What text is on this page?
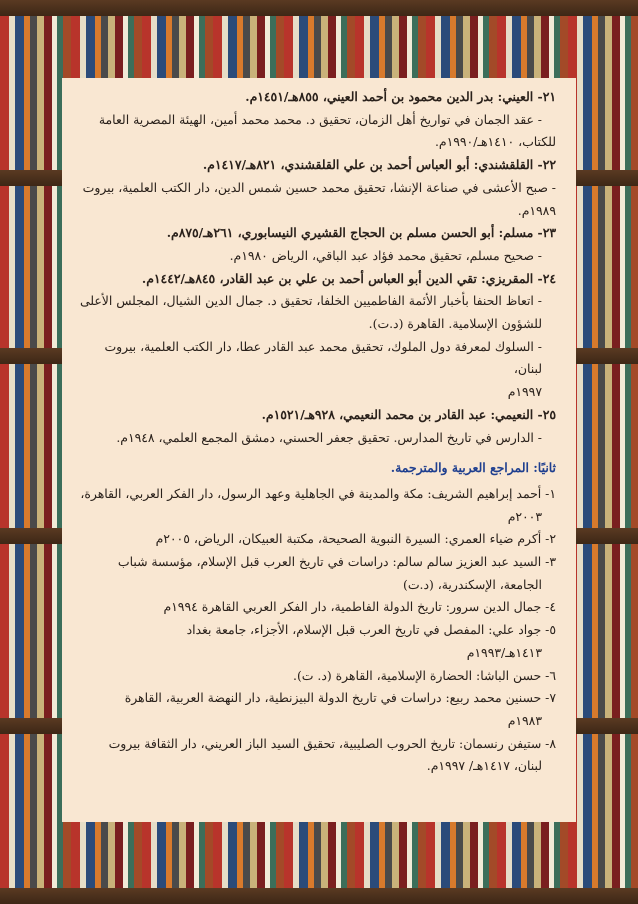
٢١- العيني: بدر الدين محمود بن أحمد العيني، ٨٥٥هـ/١٤٥١م.

- عقد الجمان في تواريخ أهل الزمان، تحقيق د. محمد محمد أمين، الهيئة المصرية العامة

للكتاب، ١٤١٠هـ/١٩٩٠م.

٢٢- القلقشندي: أبو العباس أحمد بن علي القلقشندي، ٨٢١هـ/١٤١٧م.

- صبح الأعشى في صناعة الإنشا، تحقيق محمد حسين شمس الدين، دار الكتب العلمية، بيروت

١٩٨٩م.

٢٣- مسلم: أبو الحسن مسلم بن الحجاج القشيري النيسابوري، ٢٦١هـ/٨٧٥م.

- صحيح مسلم، تحقيق محمد فؤاد عبد الباقي، الرياض ١٩٨٠م.

٢٤- المقريزي: تقي الدين أبو العباس أحمد بن علي بن عبد القادر، ٨٤٥هـ/١٤٤٢م.

- اتعاظ الحنفا بأخبار الأئمة الفاطميين الخلفا، تحقيق د. جمال الدين الشيال، المجلس الأعلى

للشؤون الإسلامية. القاهرة (د.ت).

- السلوك لمعرفة دول الملوك، تحقيق محمد عبد القادر عطا، دار الكتب العلمية، بيروت لبنان،

١٩٩٧م

٢٥- النعيمي: عبد القادر بن محمد النعيمي، ٩٢٨هـ/١٥٢١م.

- الدارس في تاريخ المدارس. تحقيق جعفر الحسني، دمشق المجمع العلمي، ١٩٤٨م.

ثانيًا: المراجع العربية والمترجمة.

١- أحمد إبراهيم الشريف: مكة والمدينة في الجاهلية وعهد الرسول، دار الفكر العربي، القاهرة،

٢٠٠٣م

٢- أكرم ضياء العمري: السيرة النبوية الصحيحة، مكتبة العبيكان، الرياض، ٢٠٠٥م

٣- السيد عبد العزيز سالم سالم: دراسات في تاريخ العرب قبل الإسلام، مؤسسة شباب

الجامعة، الإسكندرية، (د.ت)

٤- جمال الدين سرور: تاريخ الدولة الفاطمية، دار الفكر العربي القاهرة ١٩٩٤م

٥- جواد علي: المفصل في تاريخ العرب قبل الإسلام، الأجزاء، جامعة بغداد

١٤١٣هـ/١٩٩٣م

٦- حسن الباشا: الحضارة الإسلامية، القاهرة (د. ت).

٧- حسنين محمد ربيع: دراسات في تاريخ الدولة البيزنطية، دار النهضة العربية، القاهرة

١٩٨٣م

٨- ستيفن رنسمان: تاريخ الحروب الصليبية، تحقيق السيد الباز العريني، دار الثقافة بيروت

لبنان، ١٤١٧هـ/ ١٩٩٧م.
